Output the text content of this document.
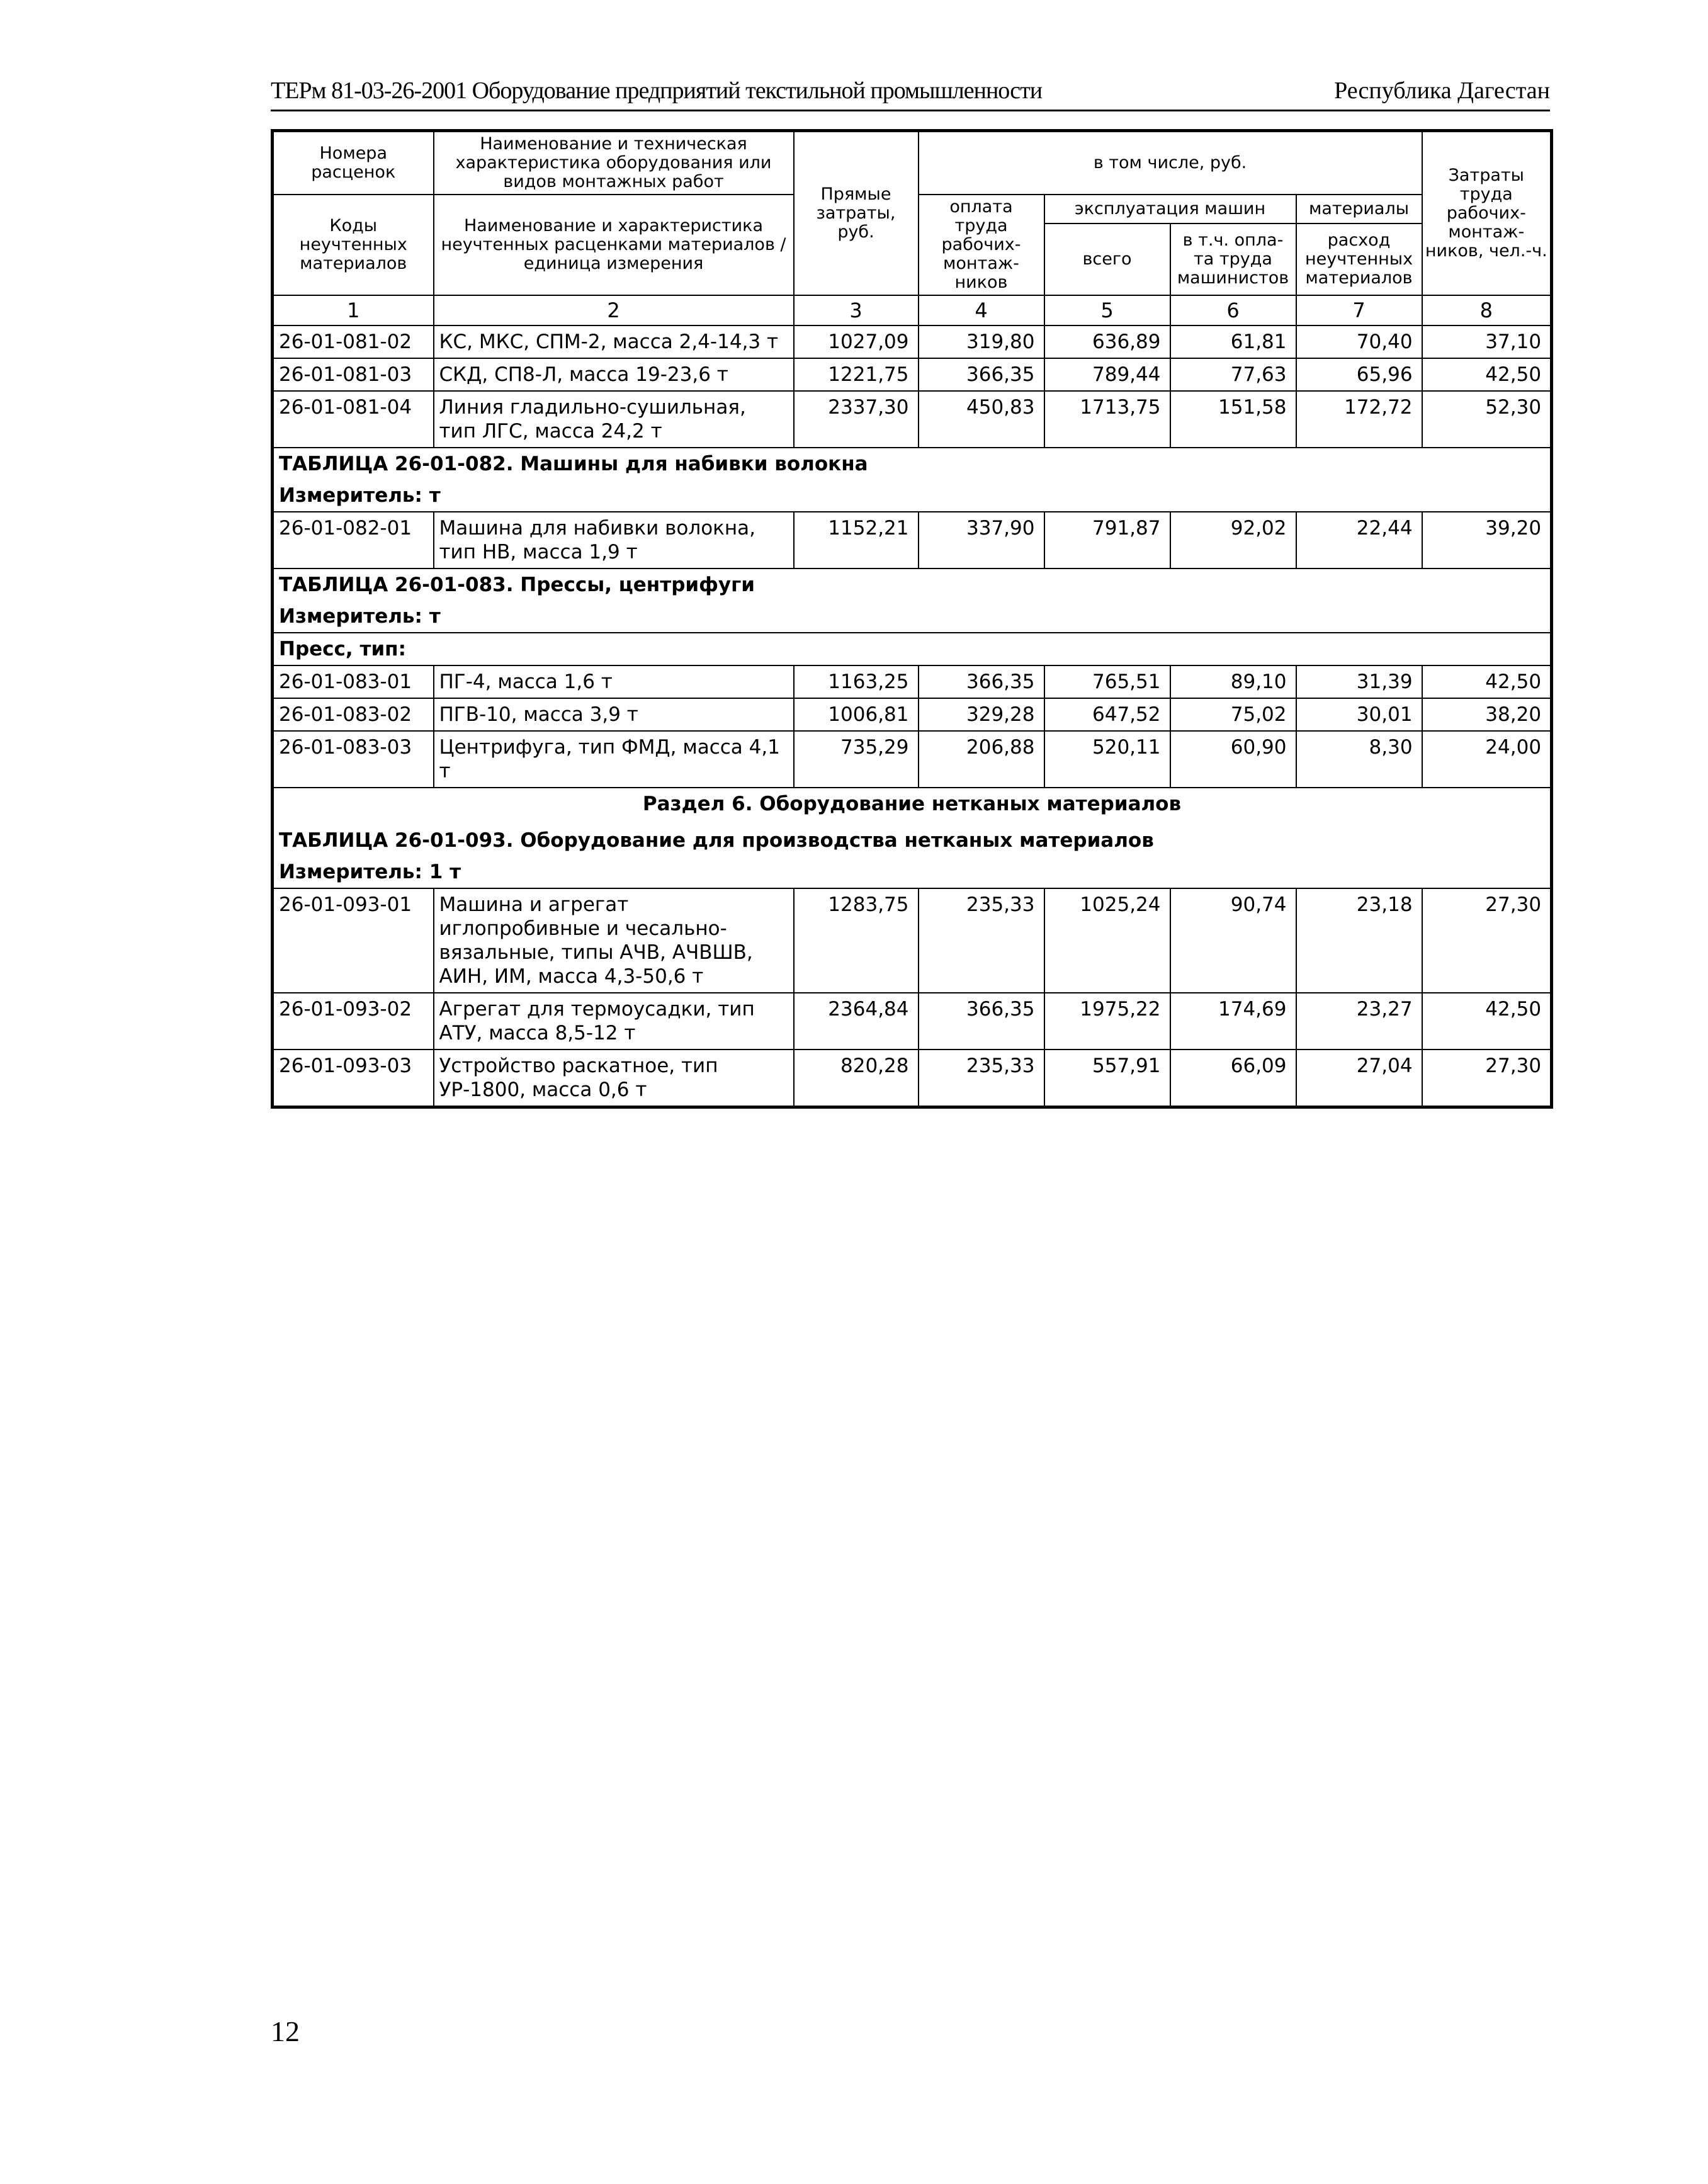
ТЕРм 81-03-26-2001 Оборудование предприятий текстильной промышленности	Республика Дагестан
Номера расценок	Наименование и техническая характеристика оборудования или видов монтажных работ	Прямые затраты, руб.	в том числе, руб.				Затраты труда рабочих-монтаж-ников, чел.-ч.
Коды неучтенных материалов	Наименование и характеристика неучтенных расценками материалов / единица измерения		оплата труда рабочих-монтаж-ников	эксплуатация машин		материалы	
				всего	в т.ч. опла-та труда машинистов	расход неучтенных материалов	
1	2	3	4	5	6	7	8
26-01-081-02	КС, МКС, СПМ-2, масса 2,4-14,3 т	1027,09	319,80	636,89	61,81	70,40	37,10
26-01-081-03	СКД, СП8-Л, масса 19-23,6 т	1221,75	366,35	789,44	77,63	65,96	42,50
26-01-081-04	Линия гладильно-сушильная, тип ЛГС, масса 24,2 т	2337,30	450,83	1713,75	151,58	172,72	52,30
ТАБЛИЦА 26-01-082. Машины для набивки волокна							
Измеритель: т							
26-01-082-01	Машина для набивки волокна, тип НВ, масса 1,9 т	1152,21	337,90	791,87	92,02	22,44	39,20
ТАБЛИЦА 26-01-083. Прессы, центрифуги							
Измеритель: т							
Пресс, тип:							
26-01-083-01	ПГ-4, масса 1,6 т	1163,25	366,35	765,51	89,10	31,39	42,50
26-01-083-02	ПГВ-10, масса 3,9 т	1006,81	329,28	647,52	75,02	30,01	38,20
26-01-083-03	Центрифуга, тип ФМД, масса 4,1 т	735,29	206,88	520,11	60,90	8,30	24,00
Раздел 6. Оборудование нетканых материалов							
ТАБЛИЦА 26-01-093. Оборудование для производства нетканых материалов							
Измеритель: 1 т							
26-01-093-01	Машина и агрегат иглопробивные и чесально-вязальные, типы АЧВ, АЧВШВ, АИН, ИМ, масса 4,3-50,6 т	1283,75	235,33	1025,24	90,74	23,18	27,30
26-01-093-02	Агрегат для термоусадки, тип АТУ, масса 8,5-12 т	2364,84	366,35	1975,22	174,69	23,27	42,50
26-01-093-03	Устройство раскатное, тип УР-1800, масса 0,6 т	820,28	235,33	557,91	66,09	27,04	27,30
12
